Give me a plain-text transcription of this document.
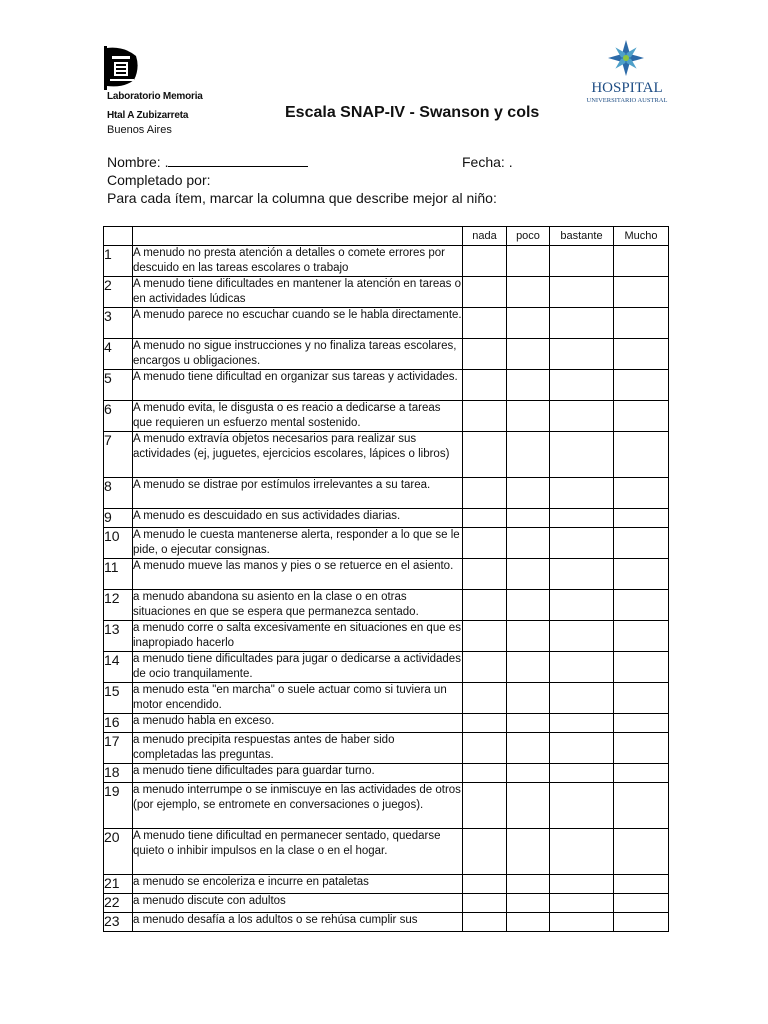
Laboratorio Memoria
Htal A Zubizarreta
Buenos Aires
Escala SNAP-IV - Swanson y cols
HOSPITAL
UNIVERSITARIO AUSTRAL
Nombre: .	Fecha: .
Completado por:
Para cada ítem, marcar la columna que describe mejor al niño:
		nada	poco	bastante	Mucho
1	A menudo no presta atención a detalles o comete errores por descuido en las tareas escolares o trabajo				
2	A menudo tiene dificultades en mantener la atención en tareas o en actividades lúdicas				
3	A menudo parece no escuchar cuando se le habla directamente.				
4	A menudo no sigue instrucciones y no finaliza tareas escolares, encargos u obligaciones.				
5	A menudo tiene dificultad en organizar sus tareas y actividades.				
6	A menudo evita, le disgusta o es reacio a dedicarse a tareas que requieren un esfuerzo mental sostenido.				
7	A menudo extravía objetos necesarios para realizar sus actividades (ej, juguetes, ejercicios escolares, lápices o libros)				
8	A menudo se distrae por estímulos irrelevantes a su tarea.				
9	A menudo es descuidado en sus actividades diarias.				
10	A menudo le cuesta mantenerse alerta, responder a lo que se le pide, o ejecutar consignas.				
11	A menudo mueve las manos y pies o se retuerce en el asiento.				
12	a menudo abandona su asiento en la clase o en otras situaciones en que se espera que permanezca sentado.				
13	a menudo corre o salta excesivamente en situaciones en que es inapropiado hacerlo				
14	a menudo tiene dificultades para jugar o dedicarse a actividades de ocio tranquilamente.				
15	a menudo esta "en marcha" o suele actuar como si tuviera un motor encendido.				
16	a menudo habla en exceso.				
17	a menudo precipita respuestas antes de haber sido completadas las preguntas.				
18	a menudo tiene dificultades para guardar turno.				
19	a menudo interrumpe o se inmiscuye en las actividades de otros (por ejemplo, se entromete en conversaciones o juegos).				
20	A menudo tiene dificultad en permanecer sentado, quedarse quieto o inhibir impulsos en la clase o en el hogar.				
21	a menudo se encoleriza e incurre en pataletas				
22	a menudo discute con adultos				
23	a menudo desafía a los adultos o se rehúsa cumplir sus				
